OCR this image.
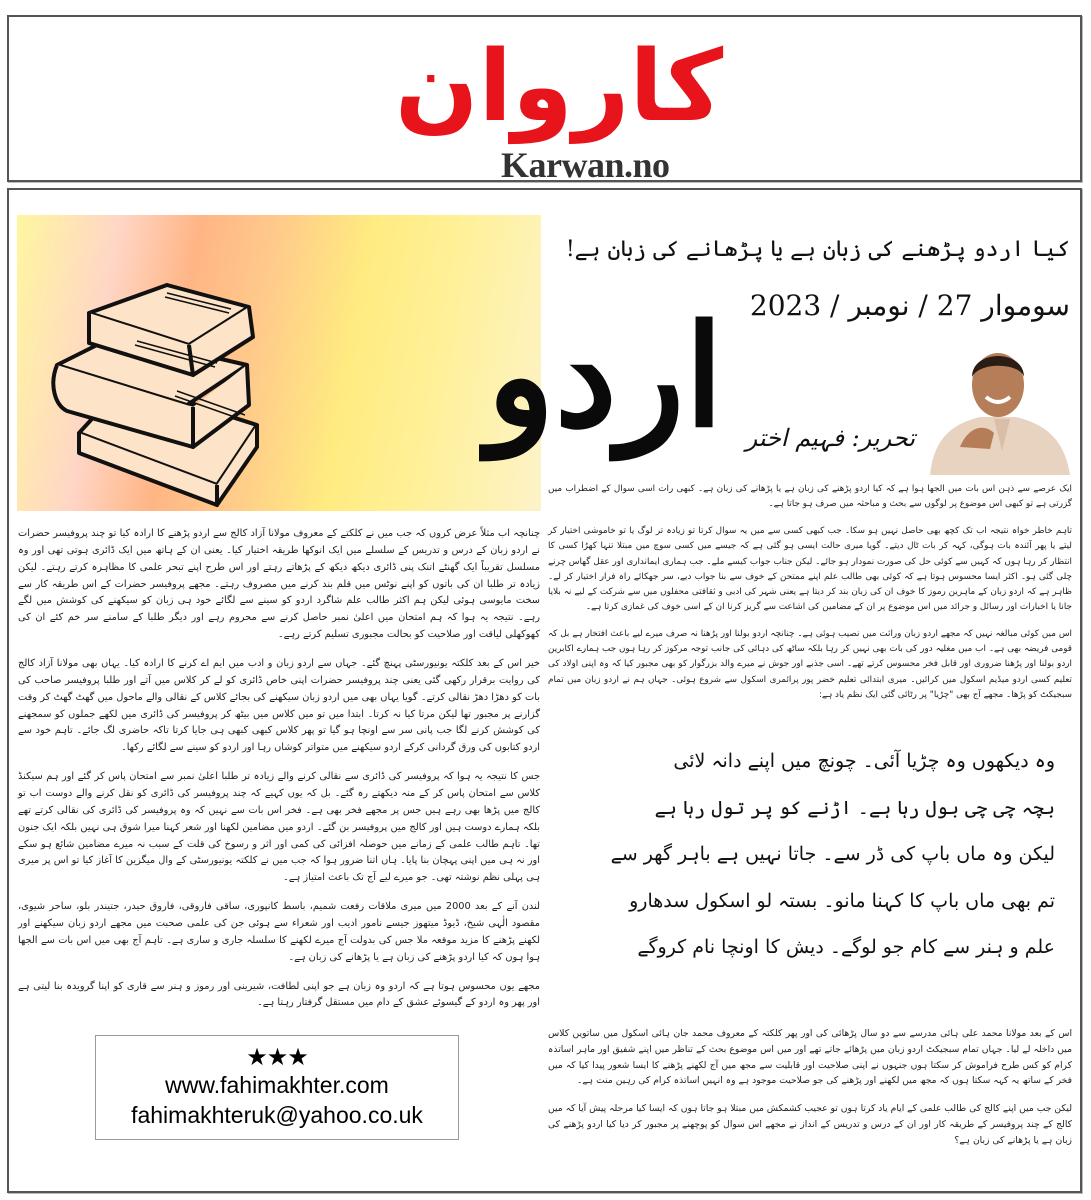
کاروان
Karwan.no
اردو
کیا اردو پڑھنے کی زبان ہے یا پڑھانے کی زبان ہے!
سوموار 27 / نومبر / 2023
تحریر: فہیم اختر

ایک عرصے سے ذہن اس بات میں الجھا ہوا ہے کہ کیا اردو پڑھنے کی زبان ہے یا پڑھانے کی زبان ہے۔ کبھی رات اسی سوال کے اضطراب میں گزرتی ہے تو کبھی اس موضوع پر لوگوں سے بحث و مباحثہ میں صرف ہو جاتا ہے۔

تاہم خاطر خواہ نتیجہ اب تک کچھ بھی حاصل نہیں ہو سکا۔ جب کبھی کسی سے میں یہ سوال کرتا تو زیادہ تر لوگ یا تو خاموشی اختیار کر لیتے یا پھر آئندہ بات ہوگی، کہہ کر بات ٹال دیتے۔ گویا میری حالت ایسی ہو گئی ہے کہ جیسے میں کسی سوچ میں مبتلا تنہا کھڑا کسی کا انتظار کر رہا ہوں کہ کہیں سے کوئی حل کی صورت نمودار ہو جائے۔ لیکن جناب جواب کیسے ملے۔ جب ہماری ایمانداری اور عقل گھاس چرنے چلی گئی ہو۔ اکثر ایسا محسوس ہوتا ہے کہ کوئی بھی طالب علم اپنے ممتحن کے خوف سے بنا جواب دیے، سر جھکائے راہ فرار اختیار کر لے۔ ظاہر ہے کہ اردو زبان کے ماہرین رموز کا خوف ان کی زبان بند کر دیتا ہے یعنی شہر کی ادبی و ثقافتی محفلوں میں سے شرکت کے لیے نہ بلایا جانا یا اخبارات اور رسائل و جرائد میں اس موضوع پر ان کے مضامین کی اشاعت سے گریز کرنا ان کے اسی خوف کی غمازی کرتا ہے۔

اس میں کوئی مبالغہ نہیں کہ مجھے اردو زبان وراثت میں نصیب ہوئی ہے۔ چنانچہ اردو بولنا اور پڑھنا نہ صرف میرے لیے باعث افتخار ہے بل کہ قومی فریضہ بھی ہے۔ اب میں مغلیہ دور کی بات بھی نہیں کر رہا بلکہ ساٹھ کی دہائی کی جانب توجہ مرکوز کر رہا ہوں جب ہمارے اکابرین اردو بولنا اور پڑھنا ضروری اور قابل فخر محسوس کرتے تھے۔ اسی جذبے اور جوش نے میرے والد بزرگوار کو بھی مجبور کیا کہ وہ اپنی اولاد کی تعلیم کسی اردو میڈیم اسکول میں کرائیں۔ میری ابتدائی تعلیم خضر پور پرائمری اسکول سے شروع ہوئی۔ جہاں ہم نے اردو زبان میں تمام سبجیکٹ کو پڑھا۔ مجھے آج بھی "چڑیا" پر رٹائی گئی ایک نظم یاد ہے:

وہ دیکھوں وہ چڑیا آئی۔ چونچ میں اپنے دانہ لائی
بچہ چی چی بول رہا ہے۔ اڑنے کو پر تول رہا ہے
لیکن وہ ماں باپ کی ڈر سے۔ جاتا نہیں ہے باہر گھر سے
تم بھی ماں باپ کا کہنا مانو۔ بستہ لو اسکول سدھارو
علم و ہنر سے کام جو لوگے۔ دیش کا اونچا نام کروگے

اس کے بعد مولانا محمد علی ہائی مدرسے سے دو سال پڑھائی کی اور پھر کلکتہ کے معروف محمد جان ہائی اسکول میں ساتویں کلاس میں داخلہ لے لیا۔ جہاں تمام سبجیکٹ اردو زبان میں پڑھائے جاتے تھے اور میں اس موضوع بحث کے تناظر میں اپنے شفیق اور ماہر اساتذہ کرام کو کس طرح فراموش کر سکتا ہوں جنہوں نے اپنی صلاحیت اور قابلیت سے مجھ میں آج لکھنے پڑھنے کا ایسا شعور پیدا کیا کہ میں فخر کے ساتھ یہ کہہ سکتا ہوں کہ مجھ میں لکھنے اور پڑھنے کی جو صلاحیت موجود ہے وہ انہیں اساتذہ کرام کی رہین منت ہے۔

لیکن جب میں اپنے کالج کی طالب علمی کے ایام یاد کرتا ہوں تو عجیب کشمکش میں مبتلا ہو جاتا ہوں کہ ایسا کیا مرحلہ پیش آیا کہ میں کالج کے چند پروفیسر کے طریقہ کار اور ان کے درس و تدریس کے انداز نے مجھے اس سوال کو پوچھنے پر مجبور کر دیا کیا اردو پڑھنے کی زبان ہے یا پڑھانے کی زبان ہے؟

چنانچہ اب مثلاً عرض کروں کہ جب میں نے کلکتے کے معروف مولانا آزاد کالج سے اردو پڑھنے کا ارادہ کیا تو چند پروفیسر حضرات نے اردو زبان کے درس و تدریس کے سلسلے میں ایک انوکھا طریقہ اختیار کیا۔ یعنی ان کے ہاتھ میں ایک ڈائری ہوتی تھی اور وہ مسلسل تقریباً ایک گھنٹے اتنک پنی ڈائری دیکھ دیکھ کے پڑھاتے رہتے اور اس طرح اپنے تبحر علمی کا مظاہرہ کرتے رہتے۔ لیکن زیادہ تر طلبا ان کی باتوں کو اپنے نوٹس میں قلم بند کرنے میں مصروف رہتے۔ مجھے پروفیسر حضرات کے اس طریقہ کار سے سخت مایوسی ہوئی لیکن ہم اکثر طالب علم شاگرد اردو کو سینے سے لگائے خود ہی زبان کو سیکھنے کی کوشش میں لگے رہے۔ نتیجہ یہ ہوا کہ ہم امتحان میں اعلیٰ نمبر حاصل کرنے سے محروم رہے اور دیگر طلبا کے سامنے سر خم کئے ان کی کھوکھلی لیاقت اور صلاحیت کو بحالت مجبوری تسلیم کرتے رہے۔

خیر اس کے بعد کلکتہ یونیورسٹی پہنچ گئے۔ جہاں سے اردو زبان و ادب میں ایم اے کرنے کا ارادہ کیا۔ یہاں بھی مولانا آزاد کالج کی روایت برقرار رکھی گئی یعنی چند پروفیسر حضرات اپنی خاص ڈائری کو لے کر کلاس میں آتے اور طلبا پروفیسر صاحب کی بات کو دھڑا دھڑ نقالی کرتے۔ گویا یہاں بھی میں اردو زبان سیکھنے کی بجائے کلاس کے نقالی والے ماحول میں گھٹ گھٹ کر وقت گزارنے پر مجبور تھا لیکن مرتا کیا نہ کرتا۔ ابتدا میں تو میں کلاس میں بیٹھ کر پروفیسر کی ڈائری میں لکھے جملوں کو سمجھنے کی کوشش کرنے لگا جب پانی سر سے اونچا ہو گیا تو پھر کلاس کبھی کبھی ہی جایا کرتا تاکہ حاضری لگ جائے۔ تاہم خود سے اردو کتابوں کی ورق گردانی کرکے اردو سیکھنے میں متواتر کوشاں رہا اور اردو کو سینے سے لگائے رکھا۔

جس کا نتیجہ یہ ہوا کہ پروفیسر کی ڈائری سے نقالی کرنے والے زیادہ تر طلبا اعلیٰ نمبر سے امتحان پاس کر گئے اور ہم سیکنڈ کلاس سے امتحان پاس کر کے منہ دیکھتے رہ گئے۔ بل کہ یوں کہیے کہ چند پروفیسر کی ڈائری کو نقل کرنے والے دوست اب تو کالج میں پڑھا بھی رہے ہیں جس پر مجھے فخر بھی ہے۔ فخر اس بات سے نہیں کہ وہ پروفیسر کی ڈائری کی نقالی کرتے تھے بلکہ ہمارے دوست ہیں اور کالج میں پروفیسر بن گئے۔ اردو میں مضامین لکھنا اور شعر کہنا میرا شوق ہی نہیں بلکہ ایک جنون تھا۔ تاہم طالب علمی کے زمانے میں حوصلہ افزائی کی کمی اور اثر و رسوخ کی قلت کے سبب نہ میرے مضامین شائع ہو سکے اور نہ ہی میں اپنی پہچان بنا پایا۔ ہاں اتنا ضرور ہوا کہ جب میں نے کلکتہ یونیورسٹی کے وال میگزین کا آغاز کیا تو اس پر میری ہی پہلی نظم نوشتہ تھی۔ جو میرے لیے آج تک باعث امتیاز ہے۔

لندن آنے کے بعد 2000 میں میری ملاقات رفعت شمیم، باسط کانپوری، ساقی فاروقی، فاروق حیدر، جتیندر بلو، ساحر شیوی، مقصود الٰہی شیخ، ڈیوڈ میتھوز جیسے نامور ادیب اور شعراء سے ہوئی جن کی علمی صحبت میں مجھے اردو زبان سیکھنے اور لکھنے پڑھنے کا مزید موقعہ ملا جس کی بدولت آج میرے لکھنے کا سلسلہ جاری و ساری ہے۔ تاہم آج بھی میں اس بات سے الجھا ہوا ہوں کہ کیا اردو پڑھنے کی زبان ہے یا پڑھانے کی زبان ہے۔

مجھے یوں محسوس ہوتا ہے کہ اردو وہ زبان ہے جو اپنی لطافت، شیرینی اور رموز و ہنر سے قاری کو اپنا گرویدہ بنا لیتی ہے اور پھر وہ اردو کے گیسوئے عشق کے دام میں مستقل گرفتار رہتا ہے۔

★★★
www.fahimakhter.com
fahimakhteruk@yahoo.co.uk
